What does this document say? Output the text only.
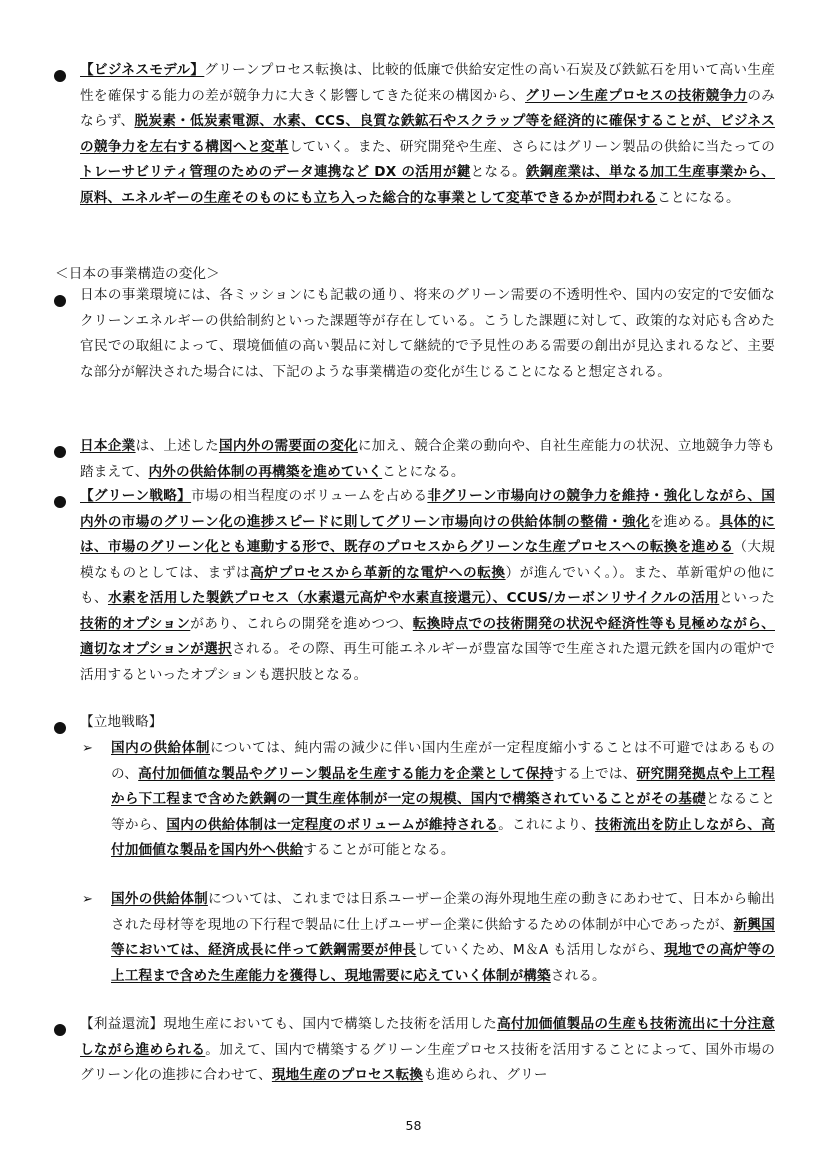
【ビジネスモデル】グリーンプロセス転換は、比較的低廉で供給安定性の高い石炭及び鉄鉱石を用いて高い生産性を確保する能力の差が競争力に大きく影響してきた従来の構図から、グリーン生産プロセスの技術競争力のみならず、脱炭素・低炭素電源、水素、CCS、良質な鉄鉱石やスクラップ等を経済的に確保することが、ビジネスの競争力を左右する構図へと変革していく。また、研究開発や生産、さらにはグリーン製品の供給に当たってのトレーサビリティ管理のためのデータ連携など DX の活用が鍵となる。鉄鋼産業は、単なる加工生産事業から、原料、エネルギーの生産そのものにも立ち入った総合的な事業として変革できるかが問われることになる。
＜日本の事業構造の変化＞
日本の事業環境には、各ミッションにも記載の通り、将来のグリーン需要の不透明性や、国内の安定的で安価なクリーンエネルギーの供給制約といった課題等が存在している。こうした課題に対して、政策的な対応も含めた官民での取組によって、環境価値の高い製品に対して継続的で予見性のある需要の創出が見込まれるなど、主要な部分が解決された場合には、下記のような事業構造の変化が生じることになると想定される。
日本企業は、上述した国内外の需要面の変化に加え、競合企業の動向や、自社生産能力の状況、立地競争力等も踏まえて、内外の供給体制の再構築を進めていくことになる。
【グリーン戦略】市場の相当程度のボリュームを占める非グリーン市場向けの競争力を維持・強化しながら、国内外の市場のグリーン化の進捗スピードに則してグリーン市場向けの供給体制の整備・強化を進める。具体的には、市場のグリーン化とも連動する形で、既存のプロセスからグリーンな生産プロセスへの転換を進める（大規模なものとしては、まずは高炉プロセスから革新的な電炉への転換）が進んでいく。）。また、革新電炉の他にも、水素を活用した製鉄プロセス（水素還元高炉や水素直接還元）、CCUS/カーボンリサイクルの活用といった技術的オプションがあり、これらの開発を進めつつ、転換時点での技術開発の状況や経済性等も見極めながら、適切なオプションが選択される。その際、再生可能エネルギーが豊富な国等で生産された還元鉄を国内の電炉で活用するといったオプションも選択肢となる。
【立地戦略】
➢ 国内の供給体制については、純内需の減少に伴い国内生産が一定程度縮小することは不可避ではあるものの、高付加価値な製品やグリーン製品を生産する能力を企業として保持する上では、研究開発拠点や上工程から下工程まで含めた鉄鋼の一貫生産体制が一定の規模、国内で構築されていることがその基礎となること等から、国内の供給体制は一定程度のボリュームが維持される。これにより、技術流出を防止しながら、高付加価値な製品を国内外へ供給することが可能となる。
➢ 国外の供給体制については、これまでは日系ユーザー企業の海外現地生産の動きにあわせて、日本から輸出された母材等を現地の下行程で製品に仕上げユーザー企業に供給するための体制が中心であったが、新興国等においては、経済成長に伴って鉄鋼需要が伸長していくため、M＆A も活用しながら、現地での高炉等の上工程まで含めた生産能力を獲得し、現地需要に応えていく体制が構築される。
【利益還流】現地生産においても、国内で構築した技術を活用した高付加価値製品の生産も技術流出に十分注意しながら進められる。加えて、国内で構築するグリーン生産プロセス技術を活用することによって、国外市場のグリーン化の進捗に合わせて、現地生産のプロセス転換も進められ、グリー
58
